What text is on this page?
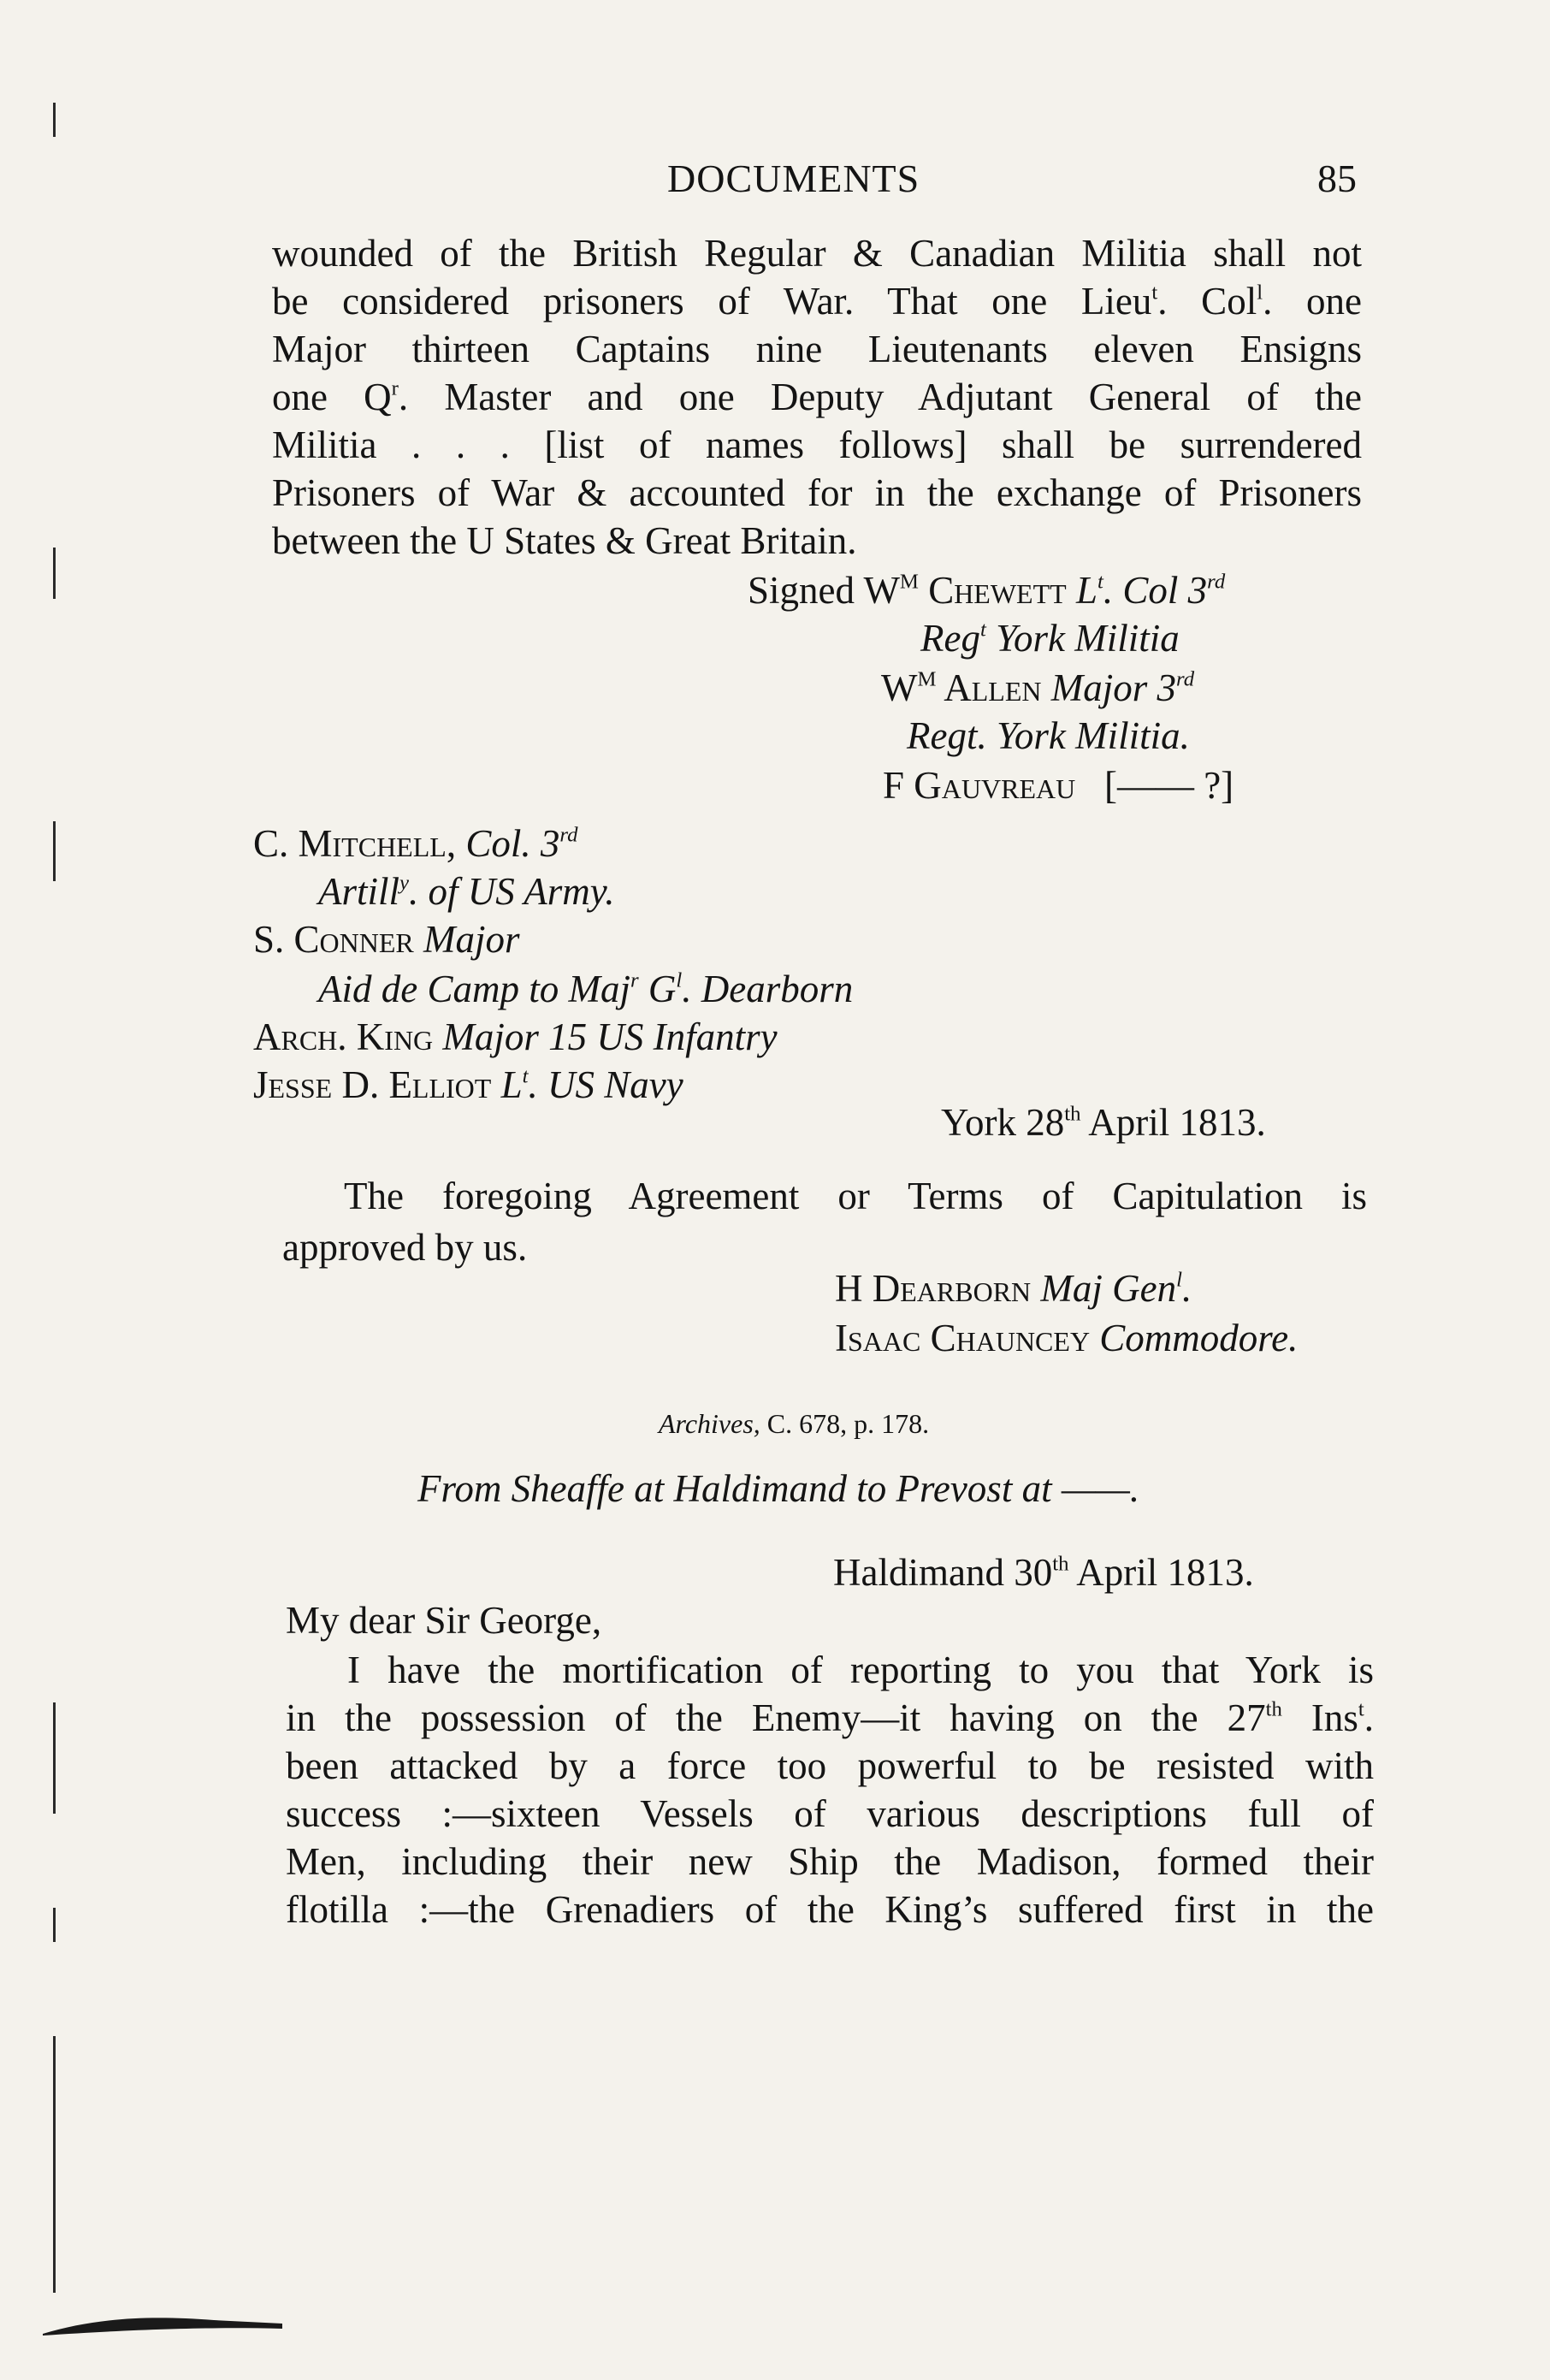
DOCUMENTS	85
wounded of the British Regular & Canadian Militia shall not
be considered prisoners of War. That one Lieu$^t$. Col$^l$. one
Major thirteen Captains nine Lieutenants eleven Ensigns
one $Q^r$. Master and one Deputy Adjutant General of the
Militia . . . [list of names follows] shall be surrendered
Prisoners of War & accounted for in the exchange of Prisoners
between the U States & Great Britain.
Signed $W^M$ Chewett $L^t$. Col 3rd
Reg$^t$ York Militia
$W^M$ Allen Major 3rd
Regt. York Militia.
F Gauvreau [—— ?]
C. Mitchell, Col. 3rd
Artill$^y$. of US Army.
S. Conner Major
Aid de Camp to Maj$^r$ $G^l$. Dearborn
Arch. King Major 15 US Infantry
Jesse D. Elliot $L^t$. US Navy
York 28th April 1813.
The foregoing Agreement or Terms of Capitulation is
approved by us.
H Dearborn Maj Gen$^l$.
Isaac Chauncey Commodore.
Archives, C. 678, p. 178.
From Sheaffe at Haldimand to Prevost at ——.
Haldimand 30th April 1813.
My dear Sir George,
I have the mortification of reporting to you that York is
in the possession of the Enemy—it having on the 27th Ins$^t$.
been attacked by a force too powerful to be resisted with
success :—sixteen Vessels of various descriptions full of
Men, including their new Ship the Madison, formed their
flotilla :—the Grenadiers of the King’s suffered first in the
